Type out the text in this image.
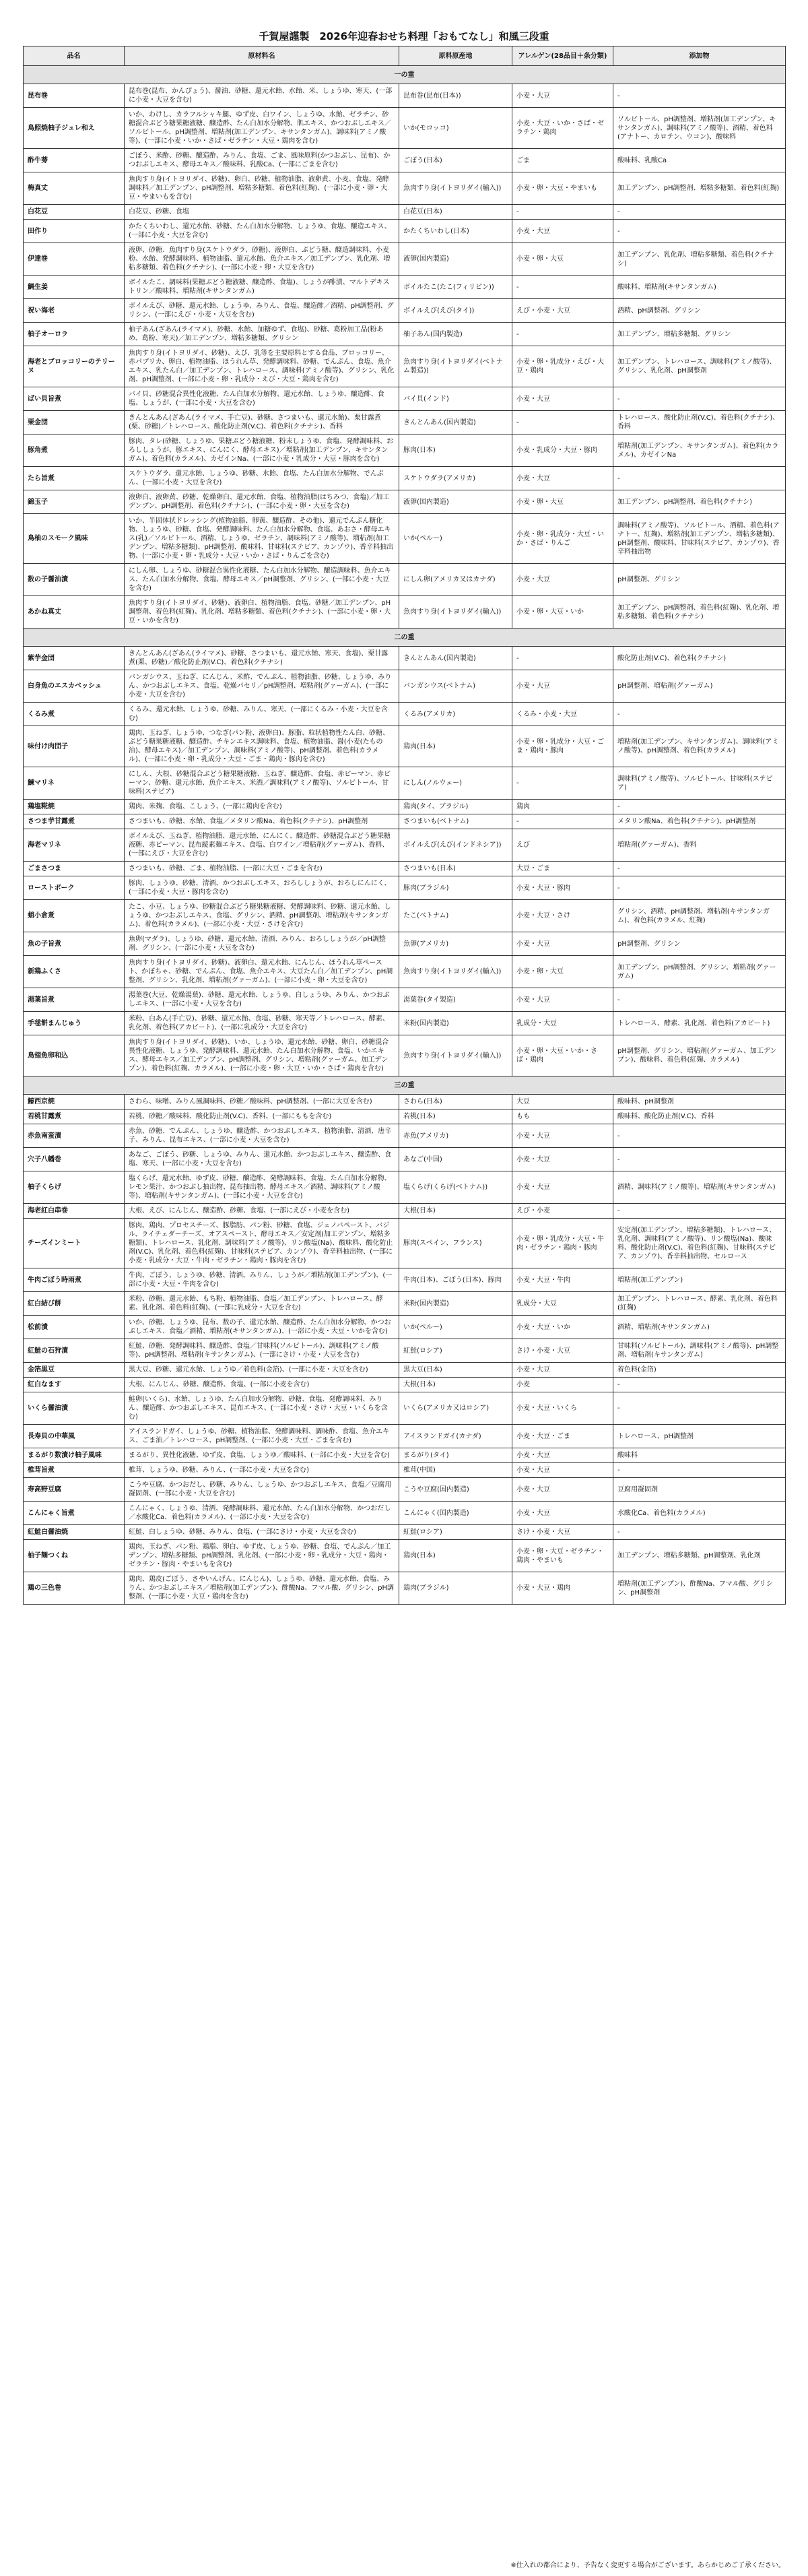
千賀屋謹製　2026年迎春おせち料理「おもてなし」和風三段重
品名	原材料名	原料原産地	アレルゲン(28品目＋条分類)	添加物
一の重				
昆布巻	昆布巻(昆布、かんぴょう)、醤油、砂糖、還元水飴、水飴、米、しょうゆ、寒天、(一部に小麦・大豆を含む)	昆布巻(昆布(日本))	小麦・大豆	-
鳥照焼柚子ジュレ和え	いか、わけし、カラフルシャキ腿、ゆず皮、白ワイン、しょうゆ、水飴、ゼラチン、砂糖混合ぶどう糖果糖液糖、醸造酢、たん白加水分解物、肌エキス、かつおぶしエキス／ソルビトール、pH調整剤、増粘剤(加工デンプン、キサンタンガム)、調味料(アミノ酸等)、(一部に小麦・いか・さば・ゼラチン・大豆・鶏肉を含む)	いか(モロッコ)	小麦・大豆・いか・さば・ゼラチン・鶏肉	ソルビトール、pH調整剤、増粘剤(加工デンプン、キサンタンガム)、調味料(アミノ酸等)、酒精、着色料(アナトー、カロテン、ウコン)、酸味料
酢牛蒡	ごぼう、米酢、砂糖、醸造酢、みりん、食塩、ごま、風味原料(かつおぶし、昆布)、かつおぶしエキス、酵母エキス／酸味料、乳酸Ca、(一部にごまを含む)	ごぼう(日本)	ごま	酸味料、乳酸Ca
梅真丈	魚肉すり身(イトヨリダイ、砂糖)、卵白、砂糖、植物油脂、液卵黄、小麦、食塩、発酵調味料／加工デンプン、pH調整剤、増粘多糖類、着色料(紅麹)、(一部に小麦・卵・大豆・やまいもを含む)	魚肉すり身(イトヨリダイ(輸入))	小麦・卵・大豆・やまいも	加工デンプン、pH調整剤、増粘多糖類、着色料(紅麹)
白花豆	白花豆、砂糖、食塩	白花豆(日本)	-	-
田作り	かたくちいわし、還元水飴、砂糖、たん白加水分解物、しょうゆ、食塩、醸造エキス、(一部に小麦・大豆を含む)	かたくちいわし(日本)	小麦・大豆	-
伊達巻	液卵、砂糖、魚肉すり身(スケトウダラ、砂糖)、液卵白、ぶどう糖、醸造調味料、小麦粉、水飴、発酵調味料、植物油脂、還元水飴、魚介エキス／加工デンプン、乳化剤、増粘多糖類、着色料(クチナシ)、(一部に小麦・卵・大豆を含む)	液卵(国内製造)	小麦・卵・大豆	加工デンプン、乳化剤、増粘多糖類、着色料(クチナシ)
鯛生姜	ボイルたこ、調味料(果糖ぶどう糖液糖、醸造酢、食塩)、しょうが酢漬、マルトデキストリン／酸味料、増粘剤(キサンタンガム)	ボイルたこ(たこ(フィリピン))	-	酸味料、増粘剤(キサンタンガム)
祝い海老	ボイルえび、砂糖、還元水飴、しょうゆ、みりん、食塩、醸造酢／酒精、pH調整剤、グリシン、(一部にえび・小麦・大豆を含む)	ボイルえび(えび(タイ))	えび・小麦・大豆	酒精、pH調整剤、グリシン
柚子オーロラ	柚子あん(ざあん(ライマメ)、砂糖、水飴、加糖ゆず、食塩)、砂糖、葛粉加工品(粉あめ、葛粉、寒天)／加工デンプン、増粘多糖類、グリシン	柚子あん(国内製造)	-	加工デンプン、増粘多糖類、グリシン
海老とブロッコリーのテリーヌ	魚肉すり身(イトヨリダイ、砂糖)、えび、乳等を主要原料とする食品、ブロッコリー、赤パプリカ、卵白、植物油脂、ほうれん草、発酵調味料、砂糖、でんぷん、食塩、魚介エキス、乳たん白／加工デンプン、トレハロース、調味料(アミノ酸等)、グリシン、乳化剤、pH調整剤、(一部に小麦・卵・乳成分・えび・大豆・鶏肉を含む)	魚肉すり身(イトヨリダイ(ベトナム製造))	小麦・卵・乳成分・えび・大豆・鶏肉	加工デンプン、トレハロース、調味料(アミノ酸等)、グリシン、乳化剤、pH調整剤
ばい貝旨煮	バイ貝、砂糖混合異性化液糖、たん白加水分解物、還元水飴、しょうゆ、醸造酢、食塩、しょうが、(一部に小麦・大豆を含む)	バイ貝(インド)	小麦・大豆	-
栗金団	きんとんあん(ざあん(ライマメ、手亡豆)、砂糖、さつまいも、還元水飴)、栗甘露煮(栗、砂糖)／トレハロース、酸化防止剤(V.C)、着色料(クチナシ)、香料	きんとんあん(国内製造)	-	トレハロース、酸化防止剤(V.C)、着色料(クチナシ)、香料
豚角煮	豚肉、タレ(砂糖、しょうゆ、果糖ぶどう糖液糖、粉末しょうゆ、食塩、発酵調味料、おろししょうが、豚エキス、にんにく、酵母エキス)／増粘剤(加工デンプン、キサンタンガム)、着色料(カラメル)、カゼインNa、(一部に小麦・乳成分・大豆・豚肉を含む)	豚肉(日本)	小麦・乳成分・大豆・豚肉	増粘剤(加工デンプン、キサンタンガム)、着色料(カラメル)、カゼインNa
たら旨煮	スケトウダラ、還元水飴、しょうゆ、砂糖、水飴、食塩、たん白加水分解物、でんぷん、(一部に小麦・大豆を含む)	スケトウダラ(アメリカ)	小麦・大豆	-
錦玉子	液卵白、液卵黄、砂糖、乾燥卵白、還元水飴、食塩、植物油脂(はちみつ、食塩)／加工デンプン、pH調整剤、着色料(クチナシ)、(一部に小麦・卵・大豆を含む)	液卵(国内製造)	小麦・卵・大豆	加工デンプン、pH調整剤、着色料(クチナシ)
鳥柚のスモーク風味	いか、半固体状ドレッシング(植物油脂、卵黄、醸造酢、その他)、還元でんぷん糖化物、しょうゆ、砂糖、食塩、発酵調味料、たん白加水分解物、食塩、あおさ・酵母エキス(乳)／ソルビトール、酒精、しょうゆ、ゼラチン、調味料(アミノ酸等)、増粘剤(加工デンプン、増粘多糖類)、pH調整剤、酸味料、甘味料(ステビア、カンゾウ)、香辛料抽出物、(一部に小麦・卵・乳成分・大豆・いか・さば・りんごを含む)	いか(ペルー)	小麦・卵・乳成分・大豆・いか・さば・りんご	調味料(アミノ酸等)、ソルビトール、酒精、着色料(アナトー、紅麹)、増粘剤(加工デンプン、増粘多糖類)、pH調整剤、酸味料、甘味料(ステビア、カンゾウ)、香辛料抽出物
数の子醤油漬	にしん卵、しょうゆ、砂糖混合異性化液糖、たん白加水分解物、醸造調味料、魚介エキス、たん白加水分解物、食塩、酵母エキス／pH調整剤、グリシン、(一部に小麦・大豆を含む)	にしん卵(アメリカ又はカナダ)	小麦・大豆	pH調整剤、グリシン
あかね真丈	魚肉すり身(イトヨリダイ、砂糖)、液卵白、植物油脂、食塩、砂糖／加工デンプン、pH調整剤、着色料(紅麹)、乳化剤、増粘多糖類、着色料(クチナシ)、(一部に小麦・卵・大豆・いかを含む)	魚肉すり身(イトヨリダイ(輸入))	小麦・卵・大豆・いか	加工デンプン、pH調整剤、着色料(紅麹)、乳化剤、増粘多糖類、着色料(クチナシ)
二の重				
紫芋金団	きんとんあん(ざあん(ライマメ)、砂糖、さつまいも、還元水飴、寒天、食塩)、栗甘露煮(栗、砂糖)／酸化防止剤(V.C)、着色料(クチナシ)	きんとんあん(国内製造)	-	酸化防止剤(V.C)、着色料(クチナシ)
白身魚のエスカベッシュ	バンガシウス、玉ねぎ、にんじん、米酢、でんぷん、植物油脂、砂糖、しょうゆ、みりん、かつおぶしエキス、食塩、乾燥パセリ／pH調整剤、増粘剤(グァーガム)、(一部に小麦・大豆を含む)	バンガシウス(ベトナム)	小麦・大豆	pH調整剤、増粘剤(グァーガム)
くるみ煮	くるみ、還元水飴、しょうゆ、砂糖、みりん、寒天、(一部にくるみ・小麦・大豆を含む)	くるみ(アメリカ)	くるみ・小麦・大豆	-
味付け肉団子	鶏肉、玉ねぎ、しょうゆ、つなぎ(パン粉、液卵白)、豚脂、粒状植物性たん白、砂糖、ぶどう糖果糖液糖、醸造酢、チキンエキス調味料、食塩、植物油脂、醤(小麦(たもの油)、酵母エキス)／加工デンプン、調味料(アミノ酸等)、pH調整剤、着色料(カラメル)、(一部に小麦・卵・乳成分・大豆・ごま・鶏肉・豚肉を含む)	鶏肉(日本)	小麦・卵・乳成分・大豆・ごま・鶏肉・豚肉	増粘剤(加工デンプン、キサンタンガム)、調味料(アミノ酸等)、pH調整剤、着色料(カラメル)
鰊マリネ	にしん、大根、砂糖混合ぶどう糖果糖液糖、玉ねぎ、醸造酢、食塩、赤ピーマン、赤ピーマン、砂糖、還元水飴、魚介エキス、米酒／調味料(アミノ酸等)、ソルビトール、甘味料(ステビア)	にしん(ノルウェー)	-	調味料(アミノ酸等)、ソルビトール、甘味料(ステビア)
鶏塩糀焼	鶏肉、米麹、食塩、こしょう、(一部に鶏肉を含む)	鶏肉(タイ、ブラジル)	鶏肉	-
さつま芋甘露煮	さつまいも、砂糖、水飴、食塩／メタリン酸Na、着色料(クチナシ)、pH調整剤	さつまいも(ベトナム)	-	メタリン酸Na、着色料(クチナシ)、pH調整剤
海老マリネ	ボイルえび、玉ねぎ、植物油脂、還元水飴、にんにく、醸造酢、砂糖混合ぶどう糖果糖液糖、赤ピーマン、昆布縦素麺エキス、食塩、白ワイン／増粘剤(グァーガム)、香料、(一部にえび・大豆を含む)	ボイルえび(えび(インドネシア))	えび	増粘剤(グァーガム)、香料
ごまさつま	さつまいも、砂糖、ごま、植物油脂、(一部に大豆・ごまを含む)	さつまいも(日本)	大豆・ごま	-
ローストポーク	豚肉、しょうゆ、砂糖、清酒、かつおぶしエキス、おろししょうが、おろしにんにく、(一部に小麦・大豆・豚肉を含む)	豚肉(ブラジル)	小麦・大豆・豚肉	-
蛸小倉煮	たこ、小豆、しょうゆ、砂糖混合ぶどう糖果糖液糖、発酵調味料、砂糖、還元水飴、しょうゆ、かつおぶしエキス、食塩、グリシン、酒精、pH調整剤、増粘剤(キサンタンガム)、着色料(カラメル)、(一部に小麦・大豆・さけを含む)	たこ(ベトナム)	小麦・大豆・さけ	グリシン、酒精、pH調整剤、増粘剤(キサンタンガム)、着色料(カラメル、紅麹)
魚の子旨煮	魚卵(マダラ)、しょうゆ、砂糖、還元水飴、清酒、みりん、おろししょうが／pH調整剤、グリシン、(一部に小麦・大豆を含む)	魚卵(アメリカ)	小麦・大豆	pH調整剤、グリシン
新鶏ふくさ	魚肉すり身(イトヨリダイ、砂糖)、液卵白、還元水飴、にんじん、ほうれん草ペースト、かぼちゃ、砂糖、でんぷん、食塩、魚介エキス、大豆たん白／加工デンプン、pH調整剤、グリシン、乳化剤、増粘剤(グァーガム)、(一部に小麦・卵・大豆を含む)	魚肉すり身(イトヨリダイ(輸入))	小麦・卵・大豆	加工デンプン、pH調整剤、グリシン、増粘剤(グァーガム)
湯葉旨煮	湯葉巻(大豆、乾燥湯葉)、砂糖、還元水飴、しょうゆ、白しょうゆ、みりん、かつおぶしエキス、(一部に小麦・大豆を含む)	湯葉巻(タイ製造)	小麦・大豆	-
手毬餅まんじゅう	米粉、白あん(手亡豆)、砂糖、還元水飴、食塩、砂糖、寒天等／トレハロース、酵素、乳化剤、着色料(アカビート)、(一部に乳成分・大豆を含む)	米粉(国内製造)	乳成分・大豆	トレハロース、酵素、乳化剤、着色料(アカビート)
鳥翅魚卵和込	魚肉すり身(イトヨリダイ、砂糖)、いか、しょうゆ、還元水飴、砂糖、卵白、砂糖混合異性化液糖、しょうゆ、発酵調味料、還元水飴、たん白加水分解物、食塩、いかエキス、酵母エキス／加工デンプン、pH調整剤、グリシン、増粘剤(グァーガム、加工デンプン)、着色料(紅麹、カラメル)、(一部に小麦・卵・大豆・いか・さば・鶏肉を含む)	魚肉すり身(イトヨリダイ(輸入))	小麦・卵・大豆・いか・さば・鶏肉	pH調整剤、グリシン、増粘剤(グァーガム、加工デンプン)、酸味料、着色料(紅麹、カラメル)
三の重				
鰆西京焼	さわら、味噌、みりん風調味料、砂糖／酸味料、pH調整剤、(一部に大豆を含む)	さわら(日本)	大豆	酸味料、pH調整剤
若桃甘露煮	若桃、砂糖／酸味料、酸化防止剤(V.C)、香料、(一部にももを含む)	若桃(日本)	もも	酸味料、酸化防止剤(V.C)、香料
赤魚南蛮漬	赤魚、砂糖、でんぷん、しょうゆ、醸造酢、かつおぶしエキス、植物油脂、清酒、唐辛子、みりん、昆布エキス、(一部に小麦・大豆を含む)	赤魚(アメリカ)	小麦・大豆	-
穴子八幡巻	あなご、ごぼう、砂糖、しょうゆ、みりん、還元水飴、かつおぶしエキス、醸造酢、食塩、寒天、(一部に小麦・大豆を含む)	あなご(中国)	小麦・大豆	-
柚子くらげ	塩くらげ、還元水飴、ゆず皮、砂糖、醸造酢、発酵調味料、食塩、たん白加水分解物、レモン果汁、かつおぶし抽出物、昆布抽出物、酵母エキス／酒精、調味料(アミノ酸等)、増粘剤(キサンタンガム)、(一部に小麦・大豆を含む)	塩くらげ(くらげ(ベトナム))	小麦・大豆	酒精、調味料(アミノ酸等)、増粘剤(キサンタンガム)
海老紅白串巻	大根、えび、にんじん、醸造酢、砂糖、食塩、(一部にえび・小麦を含む)	大根(日本)	えび・小麦	-
チーズインミート	豚肉、鶏肉、プロセスチーズ、豚脂肪、パン粉、砂糖、食塩、ジェノバペースト、バジル、ライチェダーチーズ、オアスペースト、酵母エキス／安定剤(加工デンプン、増粘多糖類)、トレハロース、乳化剤、調味料(アミノ酸等)、リン酸塩(Na)、酸味料、酸化防止剤(V.C)、乳化剤、着色料(紅麹)、甘味料(ステビア、カンゾウ)、香辛料抽出物、(一部に小麦・乳成分・大豆・牛肉・ゼラチン・鶏肉・豚肉を含む)	豚肉(スペイン、フランス)	小麦・卵・乳成分・大豆・牛肉・ゼラチン・鶏肉・豚肉	安定剤(加工デンプン、増粘多糖類)、トレハロース、乳化剤、調味料(アミノ酸等)、リン酸塩(Na)、酸味料、酸化防止剤(V.C)、着色料(紅麹)、甘味料(ステビア、カンゾウ)、香辛料抽出物、セルロース
牛肉ごぼう時雨煮	牛肉、ごぼう、しょうゆ、砂糖、清酒、みりん、しょうが／増粘剤(加工デンプン)、(一部に小麦・大豆・牛肉を含む)	牛肉(日本)、ごぼう(日本)、豚肉	小麦・大豆・牛肉	増粘剤(加工デンプン)
紅白結び餅	米粉、砂糖、還元水飴、もち粉、植物油脂、食塩／加工デンプン、トレハロース、酵素、乳化剤、着色料(紅麹)、(一部に乳成分・大豆を含む)	米粉(国内製造)	乳成分・大豆	加工デンプン、トレハロース、酵素、乳化剤、着色料(紅麹)
松前漬	いか、砂糖、しょうゆ、昆布、数の子、還元水飴、醸造酢、たん白加水分解物、かつおぶしエキス、食塩／酒精、増粘剤(キサンタンガム)、(一部に小麦・大豆・いかを含む)	いか(ペルー)	小麦・大豆・いか	酒精、増粘剤(キサンタンガム)
紅鮭の石狩漬	紅鮭、砂糖、発酵調味料、醸造酢、食塩／甘味料(ソルビトール)、調味料(アミノ酸等)、pH調整剤、増粘剤(キサンタンガム)、(一部にさけ・小麦・大豆を含む)	紅鮭(ロシア)	さけ・小麦・大豆	甘味料(ソルビトール)、調味料(アミノ酸等)、pH調整剤、増粘剤(キサンタンガム)
金箔黒豆	黒大豆、砂糖、還元水飴、しょうゆ／着色料(金箔)、(一部に小麦・大豆を含む)	黒大豆(日本)	小麦・大豆	着色料(金箔)
紅白なます	大根、にんじん、砂糖、醸造酢、食塩、(一部に小麦を含む)	大根(日本)	小麦	-
いくら醤油漬	鮭卵(いくら)、水飴、しょうゆ、たん白加水分解物、砂糖、食塩、発酵調味料、みりん、醸造酢、かつおぶしエキス、昆布エキス、(一部に小麦・さけ・大豆・いくらを含む)	いくら(アメリカ又はロシア)	小麦・大豆・いくら	-
長寿貝の中華風	アイスランドガイ、しょうゆ、砂糖、植物油脂、発酵調味料、調味酢、食塩、魚介エキス、ごま油／トレハロース、pH調整剤、(一部に小麦・大豆・ごまを含む)	アイスランドガイ(カナダ)	小麦・大豆・ごま	トレハロース、pH調整剤
まるがり数漬け柚子風味	まるがり、異性化液糖、ゆず皮、食塩、しょうゆ／酸味料、(一部に小麦・大豆を含む)	まるがり(タイ)	小麦・大豆	酸味料
椎茸旨煮	椎茸、しょうゆ、砂糖、みりん、(一部に小麦・大豆を含む)	椎茸(中国)	小麦・大豆	-
寿高野豆腐	こうや豆腐、かつおだし、砂糖、みりん、しょうゆ、かつおぶしエキス、食塩／豆腐用凝固剤、(一部に小麦・大豆を含む)	こうや豆腐(国内製造)	小麦・大豆	豆腐用凝固剤
こんにゃく旨煮	こんにゃく、しょうゆ、清酒、発酵調味料、還元水飴、たん白加水分解物、かつおだし／水酸化Ca、着色料(カラメル)、(一部に小麦・大豆を含む)	こんにゃく(国内製造)	小麦・大豆	水酸化Ca、着色料(カラメル)
紅鮭白醤油焼	紅鮭、白しょうゆ、砂糖、みりん、食塩、(一部にさけ・小麦・大豆を含む)	紅鮭(ロシア)	さけ・小麦・大豆	-
柚子麺つくね	鶏肉、玉ねぎ、パン粉、鶏脂、卵白、ゆず皮、しょうゆ、砂糖、食塩、でんぷん／加工デンプン、増粘多糖類、pH調整剤、乳化剤、(一部に小麦・卵・乳成分・大豆・鶏肉・ゼラチン・豚肉・やまいもを含む)	鶏肉(日本)	小麦・卵・大豆・ゼラチン・鶏肉・やまいも	加工デンプン、増粘多糖類、pH調整剤、乳化剤
鶏の三色巻	鶏肉、鶏皮(ごぼう、さやいんげん、にんじん)、しょうゆ、砂糖、還元水飴、食塩、みりん、かつおぶしエキス／増粘剤(加工デンプン)、酢酸Na、フマル酸、グリシン、pH調整剤、(一部に小麦・大豆・鶏肉を含む)	鶏肉(ブラジル)	小麦・大豆・鶏肉	増粘剤(加工デンプン)、酢酸Na、フマル酸、グリシン、pH調整剤
※仕入れの都合により、予告なく変更する場合がございます。あらかじめご了承ください。
